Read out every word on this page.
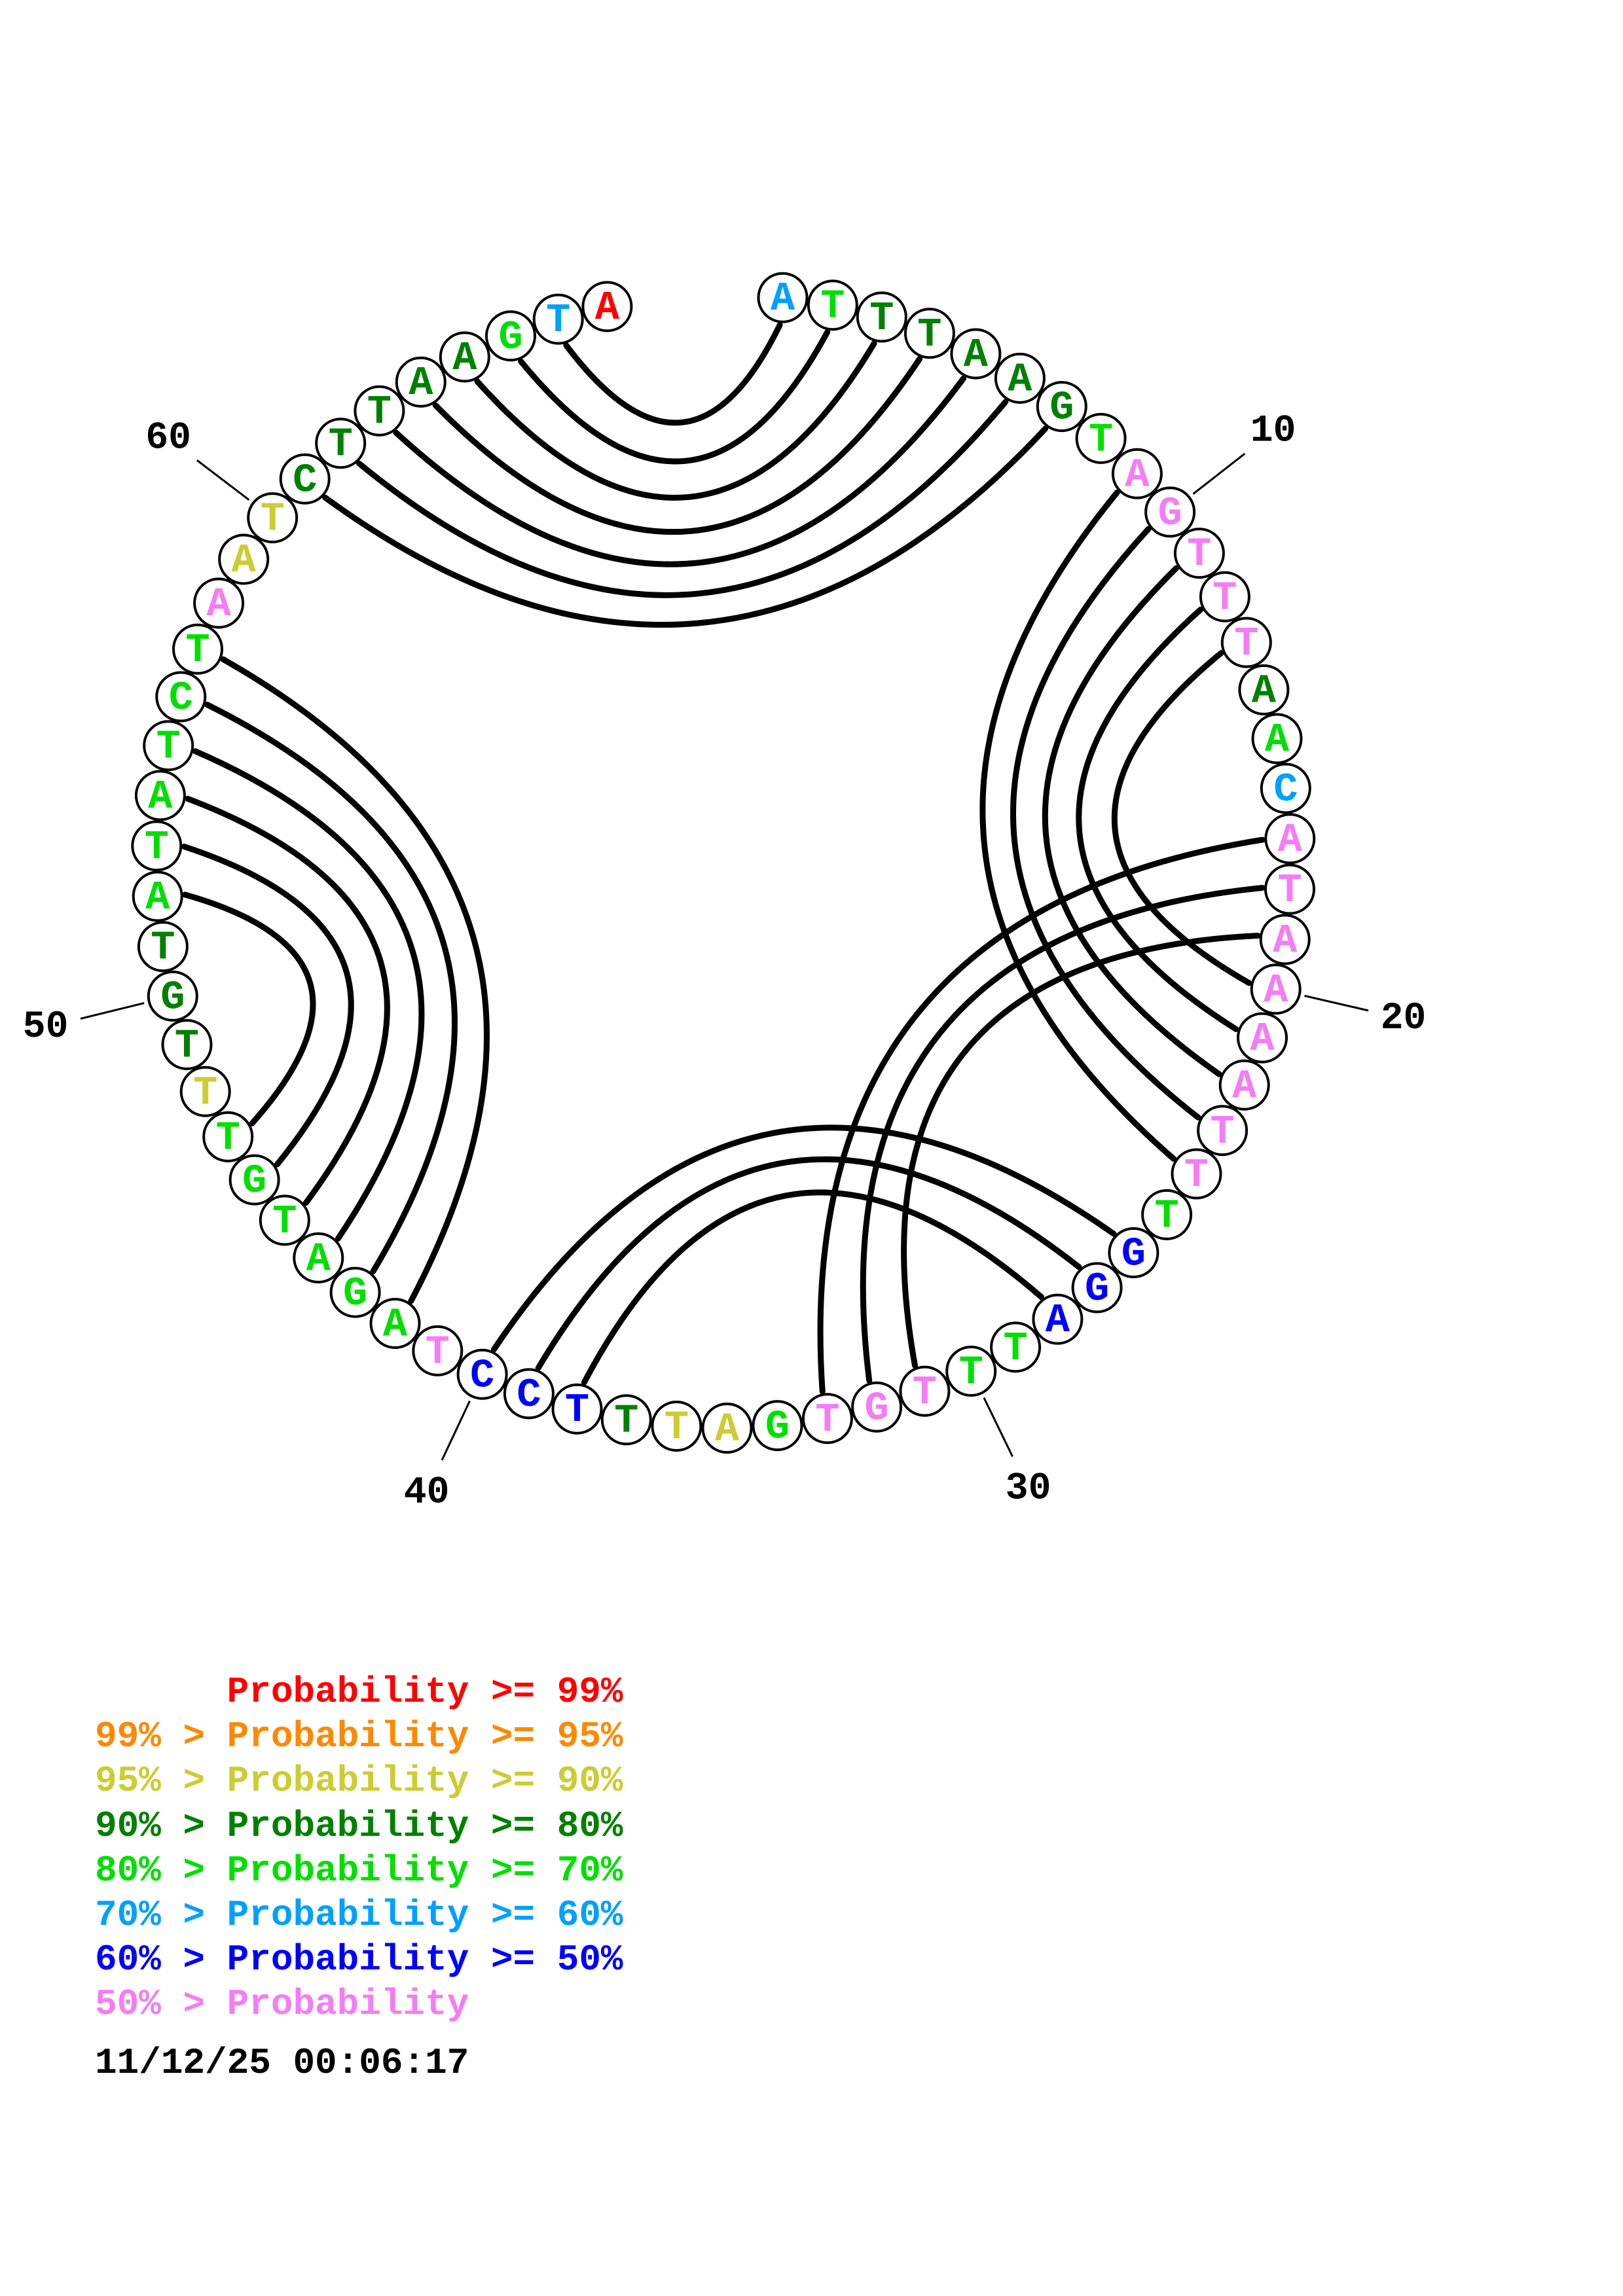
10
20
30
40
50
60
A T T T A
A
G
T
A
G
T
T
T
A
A
C
A
T
A
A
A
A
T
T
T
G
G
A
T
T
T
G
T
G
A
T
T
T
C
C
T
A
G
A
T
G
T
T
T
G
T
A
T
A
T
C
T
A
A
T
C
T
T
A
A G T A
Probability >= 99%
99% > Probability >= 95%
95% > Probability >= 90%
90% > Probability >= 80%
80% > Probability >= 70%
70% > Probability >= 60%
60% > Probability >= 50%
50% > Probability
11/12/25 00:06:17
